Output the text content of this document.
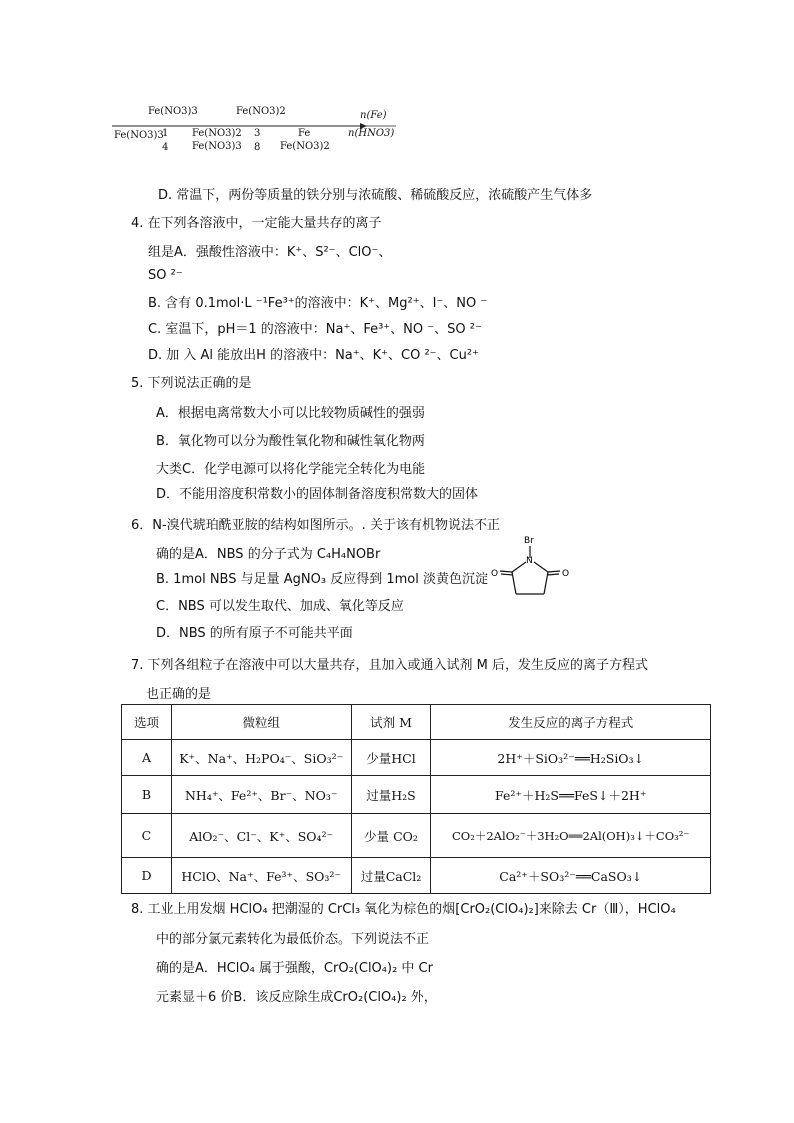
Fe(NO3)3	Fe(NO3)2	n(Fe)
n(HNO3)
Fe(NO3)3
1
4
Fe(NO3)2
Fe(NO3)3
3
8
Fe
Fe(NO3)2
D. 常温下，两份等质量的铁分别与浓硫酸、稀硫酸反应，浓硫酸产生气体多
4. 在下列各溶液中，一定能大量共存的离子
组是A．强酸性溶液中：K⁺、S²⁻、ClO⁻、
SO ²⁻
B. 含有 0.1mol·L ⁻¹Fe³⁺的溶液中：K⁺、Mg²⁺、I⁻、NO ⁻
C. 室温下，pH＝1 的溶液中：Na⁺、Fe³⁺、NO ⁻、SO ²⁻
D. 加 入 Al 能放出H 的溶液中：Na⁺、K⁺、CO ²⁻、Cu²⁺
5. 下列说法正确的是
A．根据电离常数大小可以比较物质碱性的强弱
B．氧化物可以分为酸性氧化物和碱性氧化物两
大类C．化学电源可以将化学能完全转化为电能
D．不能用溶度积常数小的固体制备溶度积常数大的固体
6．N-溴代琥珀酰亚胺的结构如图所示。. 关于该有机物说法不正
确的是A．NBS 的分子式为 C₄H₄NOBr
B. 1mol NBS 与足量 AgNO₃ 反应得到 1mol 淡黄色沉淀
C．NBS 可以发生取代、加成、氧化等反应
D．NBS 的所有原子不可能共平面
Br
N
O	O
7. 下列各组粒子在溶液中可以大量共存，且加入或通入试剂 M 后，发生反应的离子方程式
也正确的是
选项	微粒组	试剂 M	发生反应的离子方程式
A	K⁺、Na⁺、H₂PO₄⁻、SiO₃²⁻	少量HCl	2H⁺＋SiO₃²⁻══H₂SiO₃↓
B	NH₄⁺、Fe²⁺、Br⁻、NO₃⁻	过量H₂S	Fe²⁺＋H₂S══FeS↓＋2H⁺
C	AlO₂⁻、Cl⁻、K⁺、SO₄²⁻	少量 CO₂	CO₂＋2AlO₂⁻＋3H₂O══2Al(OH)₃↓＋CO₃²⁻
D	HClO、Na⁺、Fe³⁺、SO₃²⁻	过量CaCl₂	Ca²⁺＋SO₃²⁻══CaSO₃↓
8. 工业上用发烟 HClO₄ 把潮湿的 CrCl₃ 氧化为棕色的烟[CrO₂(ClO₄)₂]来除去 Cr（Ⅲ），HClO₄
中的部分氯元素转化为最低价态。下列说法不正
确的是A．HClO₄ 属于强酸，CrO₂(ClO₄)₂ 中 Cr
元素显＋6 价B．该反应除生成CrO₂(ClO₄)₂ 外，
